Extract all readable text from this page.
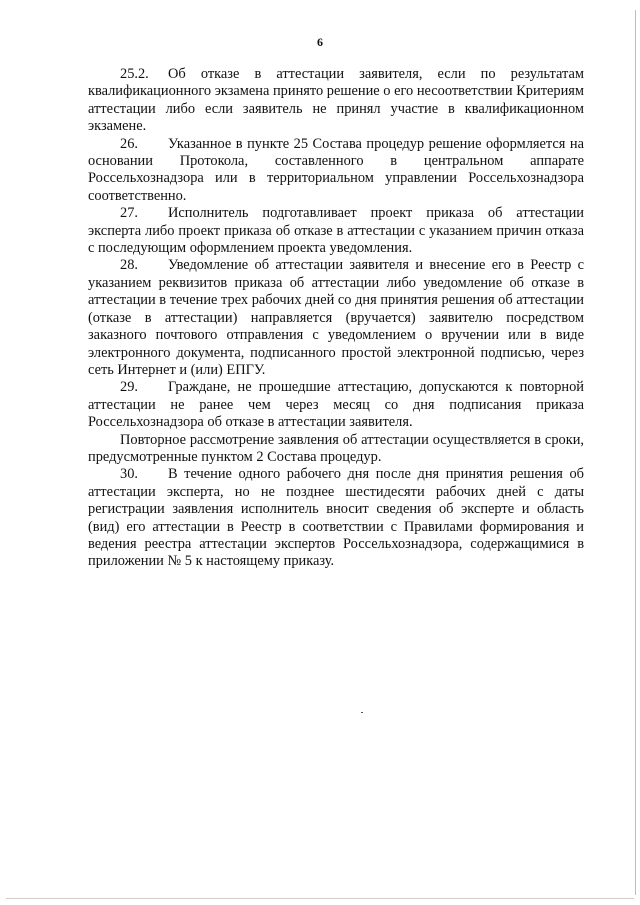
6

25.2. Об отказе в аттестации заявителя, если по результатам квалификационного экзамена принято решение о его несоответствии Критериям аттестации либо если заявитель не принял участие в квалификационном экзамене.

26. Указанное в пункте 25 Состава процедур решение оформляется на основании Протокола, составленного в центральном аппарате Россельхознадзора или в территориальном управлении Россельхознадзора соответственно.

27. Исполнитель подготавливает проект приказа об аттестации эксперта либо проект приказа об отказе в аттестации с указанием причин отказа с последующим оформлением проекта уведомления.

28. Уведомление об аттестации заявителя и внесение его в Реестр с указанием реквизитов приказа об аттестации либо уведомление об отказе в аттестации в течение трех рабочих дней со дня принятия решения об аттестации (отказе в аттестации) направляется (вручается) заявителю посредством заказного почтового отправления с уведомлением о вручении или в виде электронного документа, подписанного простой электронной подписью, через сеть Интернет и (или) ЕПГУ.

29. Граждане, не прошедшие аттестацию, допускаются к повторной аттестации не ранее чем через месяц со дня подписания приказа Россельхознадзора об отказе в аттестации заявителя.

Повторное рассмотрение заявления об аттестации осуществляется в сроки, предусмотренные пунктом 2 Состава процедур.

30. В течение одного рабочего дня после дня принятия решения об аттестации эксперта, но не позднее шестидесяти рабочих дней с даты регистрации заявления исполнитель вносит сведения об эксперте и область (вид) его аттестации в Реестр в соответствии с Правилами формирования и ведения реестра аттестации экспертов Россельхознадзора, содержащимися в приложении № 5 к настоящему приказу.
